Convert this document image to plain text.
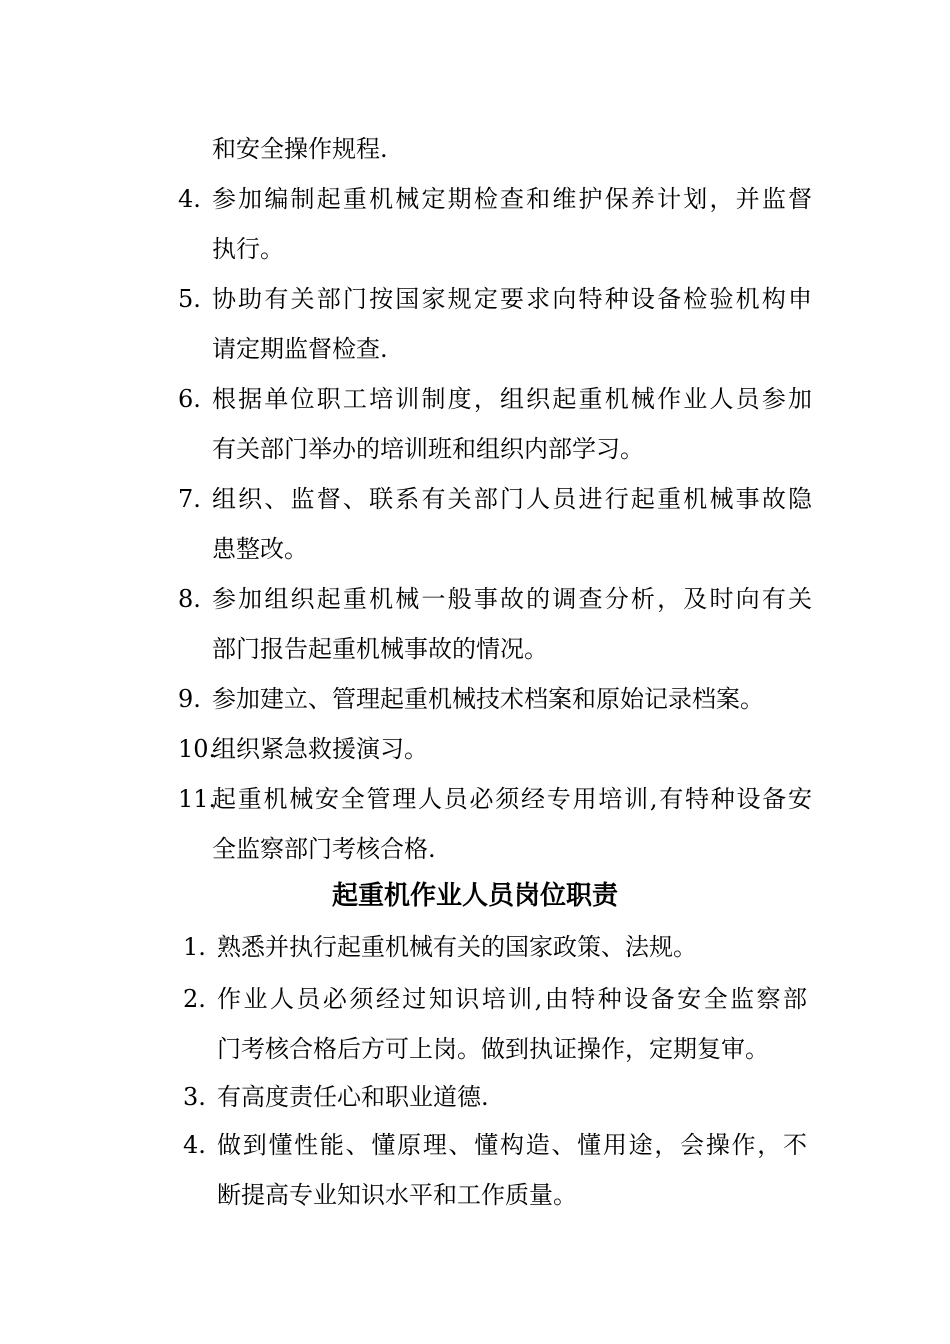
和安全操作规程.
4. 参加编制起重机械定期检查和维护保养计划，并监督
执行。
5. 协助有关部门按国家规定要求向特种设备检验机构申
请定期监督检查.
6. 根据单位职工培训制度，组织起重机械作业人员参加
有关部门举办的培训班和组织内部学习。
7. 组织、监督、联系有关部门人员进行起重机械事故隐
患整改。
8. 参加组织起重机械一般事故的调查分析，及时向有关
部门报告起重机械事故的情况。
9. 参加建立、管理起重机械技术档案和原始记录档案。
10.
组织紧急救援演习。
11.
起重机械安全管理人员必须经专用培训,有特种设备安
全监察部门考核合格.
起重机作业人员岗位职责
1. 熟悉并执行起重机械有关的国家政策、法规。
2. 作业人员必须经过知识培训,由特种设备安全监察部
门考核合格后方可上岗。做到执证操作，定期复审。
3. 有高度责任心和职业道德.
4. 做到懂性能、懂原理、懂构造、懂用途，会操作，不
断提高专业知识水平和工作质量。
